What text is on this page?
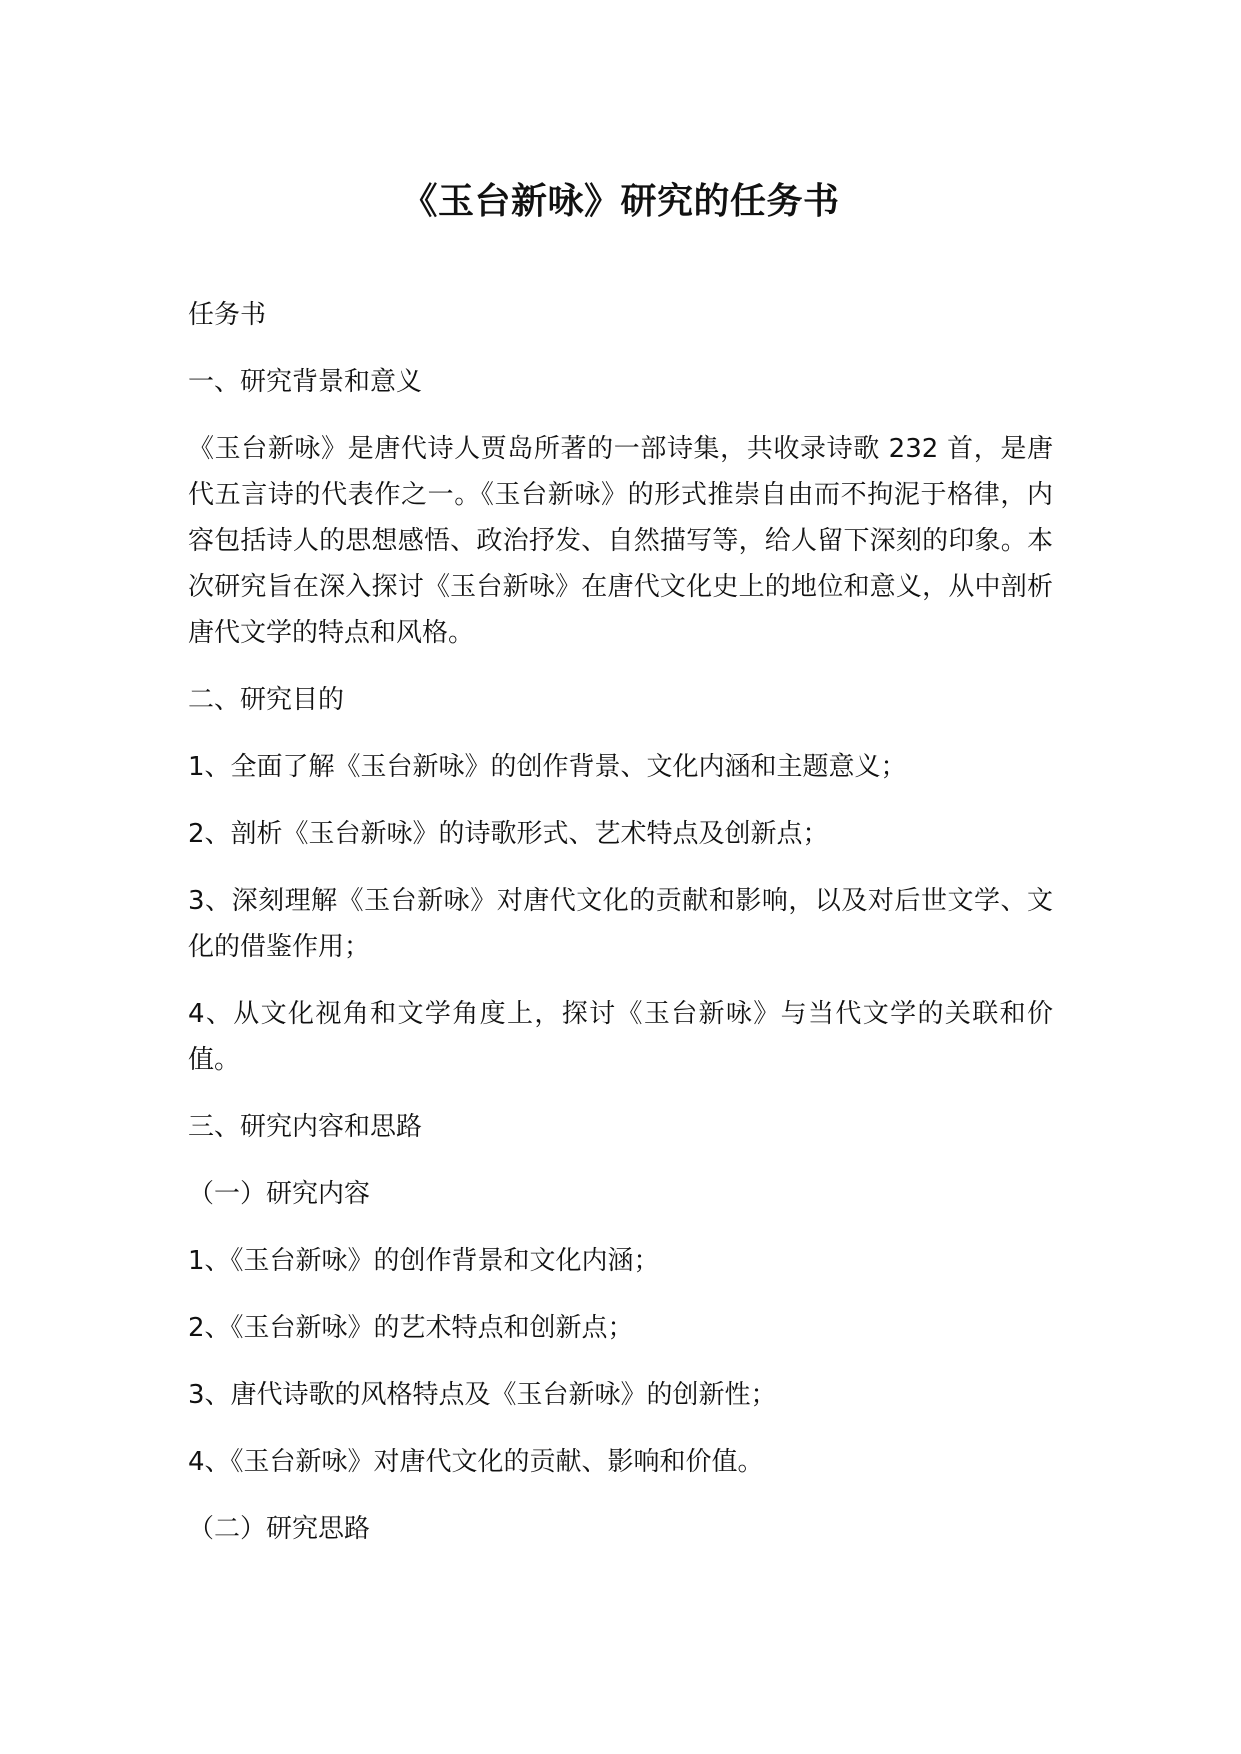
《玉台新咏》研究的任务书

任务书

一、研究背景和意义

《玉台新咏》是唐代诗人贾岛所著的一部诗集，共收录诗歌 232 首，是唐代五言诗的代表作之一。《玉台新咏》的形式推崇自由而不拘泥于格律，内容包括诗人的思想感悟、政治抒发、自然描写等，给人留下深刻的印象。本次研究旨在深入探讨《玉台新咏》在唐代文化史上的地位和意义，从中剖析唐代文学的特点和风格。

二、研究目的

1、全面了解《玉台新咏》的创作背景、文化内涵和主题意义；

2、剖析《玉台新咏》的诗歌形式、艺术特点及创新点；

3、深刻理解《玉台新咏》对唐代文化的贡献和影响，以及对后世文学、文化的借鉴作用；

4、从文化视角和文学角度上，探讨《玉台新咏》与当代文学的关联和价值。

三、研究内容和思路

（一）研究内容

1、《玉台新咏》的创作背景和文化内涵；

2、《玉台新咏》的艺术特点和创新点；

3、唐代诗歌的风格特点及《玉台新咏》的创新性；

4、《玉台新咏》对唐代文化的贡献、影响和价值。

（二）研究思路
